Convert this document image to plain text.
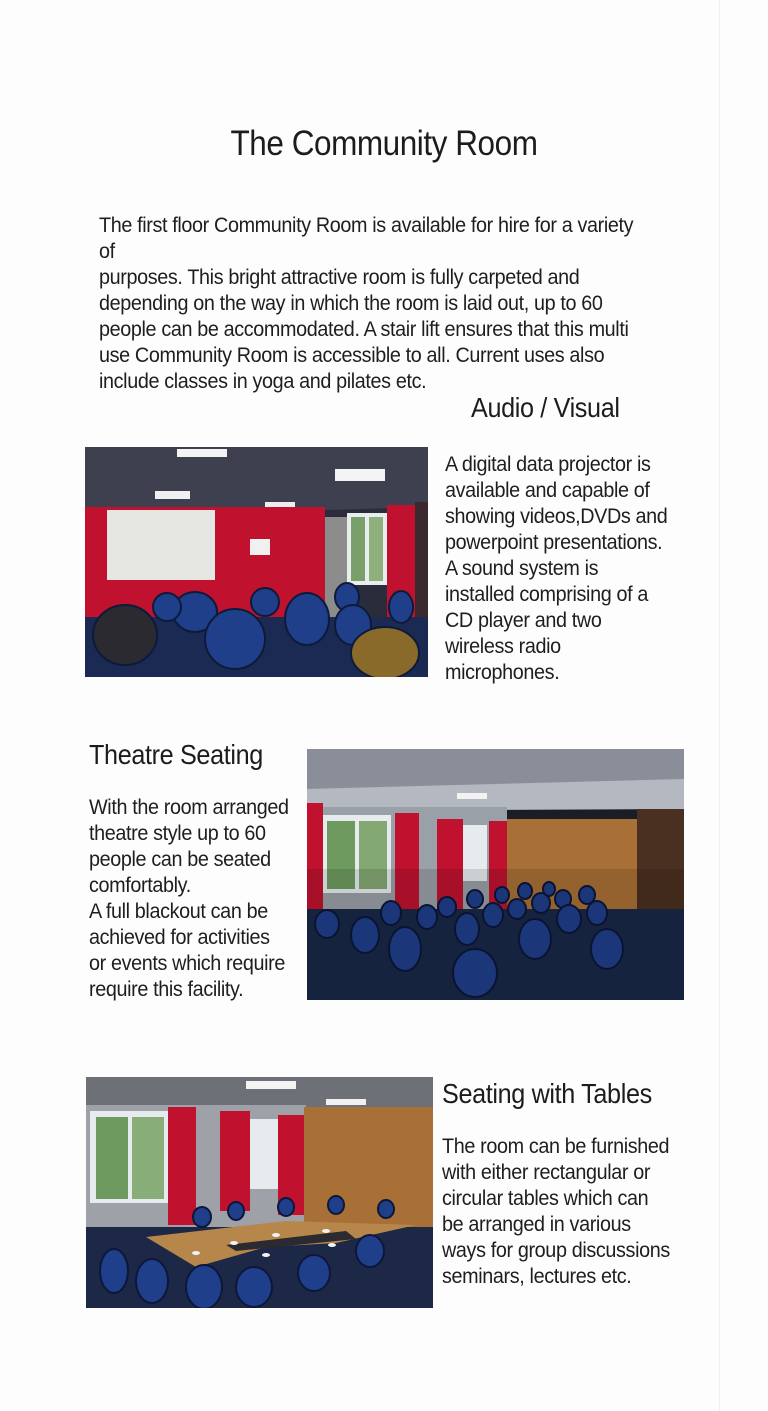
The Community Room
The first floor Community Room is available for hire for a variety of
purposes. This bright attractive room is fully carpeted and
depending on the way in which the room is laid out, up to 60
people can be accommodated. A stair lift ensures that this multi
use Community Room is accessible to all. Current uses also
include classes in yoga and pilates etc.
Audio / Visual
A digital data projector is
available and capable of
showing videos,DVDs and
powerpoint presentations.
A sound system is
installed comprising of a
CD player and two
wireless radio
microphones.
Theatre Seating
With the room arranged
theatre style up to 60
people can be seated
comfortably.
A full blackout can be
achieved for activities
or events which require
require this facility.
Seating with Tables
The room can be furnished
with either rectangular or
circular tables which can
be arranged in various
ways for group discussions
seminars, lectures etc.
